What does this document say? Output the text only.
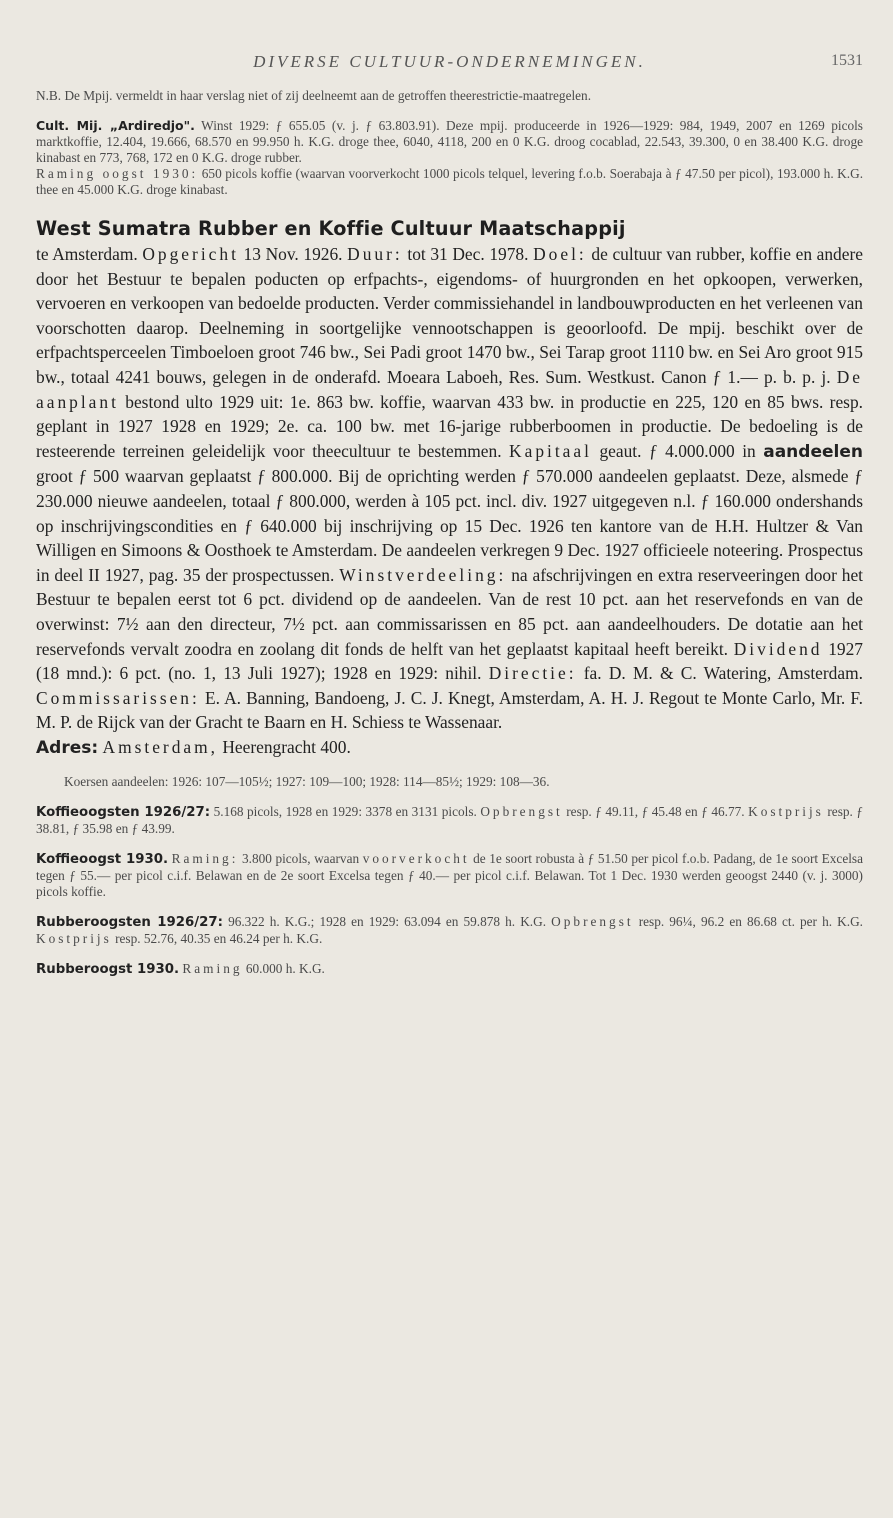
DIVERSE CULTUUR-ONDERNEMINGEN.	1531

N.B. De Mpij. vermeldt in haar verslag niet of zij deelneemt aan de getroffen theerestrictie-maatregelen.

Cult. Mij. „Ardiredjo". Winst 1929: ƒ 655.05 (v. j. ƒ 63.803.91). Deze mpij. produceerde in 1926—1929: 984, 1949, 2007 en 1269 picols marktkoffie, 12.404, 19.666, 68.570 en 99.950 h. K.G. droge thee, 6040, 4118, 200 en 0 K.G. droog cocablad, 22.543, 39.300, 0 en 38.400 K.G. droge kinabast en 773, 768, 172 en 0 K.G. droge rubber.

Raming oogst 1930: 650 picols koffie (waarvan voorverkocht 1000 picols telquel, levering f.o.b. Soerabaja à ƒ 47.50 per picol), 193.000 h. K.G. thee en 45.000 K.G. droge kinabast.

West Sumatra Rubber en Koffie Cultuur Maatschappij

te Amsterdam. Opgericht 13 Nov. 1926. Duur: tot 31 Dec. 1978. Doel: de cultuur van rubber, koffie en andere door het Bestuur te bepalen poducten op erfpachts-, eigendoms- of huurgronden en het opkoopen, verwerken, vervoeren en verkoopen van bedoelde producten. Verder commissiehandel in landbouwproducten en het verleenen van voorschotten daarop. Deelneming in soortgelijke vennootschappen is geoorloofd. De mpij. beschikt over de erfpachtsperceelen Timboeloen groot 746 bw., Sei Padi groot 1470 bw., Sei Tarap groot 1110 bw. en Sei Aro groot 915 bw., totaal 4241 bouws, gelegen in de onderafd. Moeara Laboeh, Res. Sum. Westkust. Canon ƒ 1.— p. b. p. j. De aanplant bestond ulto 1929 uit: 1e. 863 bw. koffie, waarvan 433 bw. in productie en 225, 120 en 85 bws. resp. geplant in 1927 1928 en 1929; 2e. ca. 100 bw. met 16-jarige rubberboomen in productie. De bedoeling is de resteerende terreinen geleidelijk voor theecultuur te bestemmen. Kapitaal geaut. ƒ 4.000.000 in aandeelen groot ƒ 500 waarvan geplaatst ƒ 800.000. Bij de oprichting werden ƒ 570.000 aandeelen geplaatst. Deze, alsmede ƒ 230.000 nieuwe aandeelen, totaal ƒ 800.000, werden à 105 pct. incl. div. 1927 uitgegeven n.l. ƒ 160.000 ondershands op inschrijvingscondities en ƒ 640.000 bij inschrijving op 15 Dec. 1926 ten kantore van de H.H. Hultzer & Van Willigen en Simoons & Oosthoek te Amsterdam. De aandeelen verkregen 9 Dec. 1927 officieele noteering. Prospectus in deel II 1927, pag. 35 der prospectussen. Winstverdeeling: na afschrijvingen en extra reserveeringen door het Bestuur te bepalen eerst tot 6 pct. dividend op de aandeelen. Van de rest 10 pct. aan het reservefonds en van de overwinst: 7½ aan den directeur, 7½ pct. aan commissarissen en 85 pct. aan aandeelhouders. De dotatie aan het reservefonds vervalt zoodra en zoolang dit fonds de helft van het geplaatst kapitaal heeft bereikt. Dividend 1927 (18 mnd.): 6 pct. (no. 1, 13 Juli 1927); 1928 en 1929: nihil. Directie: fa. D. M. & C. Watering, Amsterdam. Commissarissen: E. A. Banning, Bandoeng, J. C. J. Knegt, Amsterdam, A. H. J. Regout te Monte Carlo, Mr. F. M. P. de Rijck van der Gracht te Baarn en H. Schiess te Wassenaar.

Adres: Amsterdam, Heerengracht 400.

Koersen aandeelen: 1926: 107—105½; 1927: 109—100; 1928: 114—85½; 1929: 108—36.

Koffieoogsten 1926/27: 5.168 picols, 1928 en 1929: 3378 en 3131 picols. Opbrengst resp. ƒ 49.11, ƒ 45.48 en ƒ 46.77. Kostprijs resp. ƒ 38.81, ƒ 35.98 en ƒ 43.99.

Koffieoogst 1930. Raming: 3.800 picols, waarvan voorverkocht de 1e soort robusta à ƒ 51.50 per picol f.o.b. Padang, de 1e soort Excelsa tegen ƒ 55.— per picol c.i.f. Belawan en de 2e soort Excelsa tegen ƒ 40.— per picol c.i.f. Belawan. Tot 1 Dec. 1930 werden geoogst 2440 (v. j. 3000) picols koffie.

Rubberoogsten 1926/27: 96.322 h. K.G.; 1928 en 1929: 63.094 en 59.878 h. K.G. Opbrengst resp. 96¼, 96.2 en 86.68 ct. per h. K.G. Kostprijs resp. 52.76, 40.35 en 46.24 per h. K.G.

Rubberoogst 1930. Raming 60.000 h. K.G.
